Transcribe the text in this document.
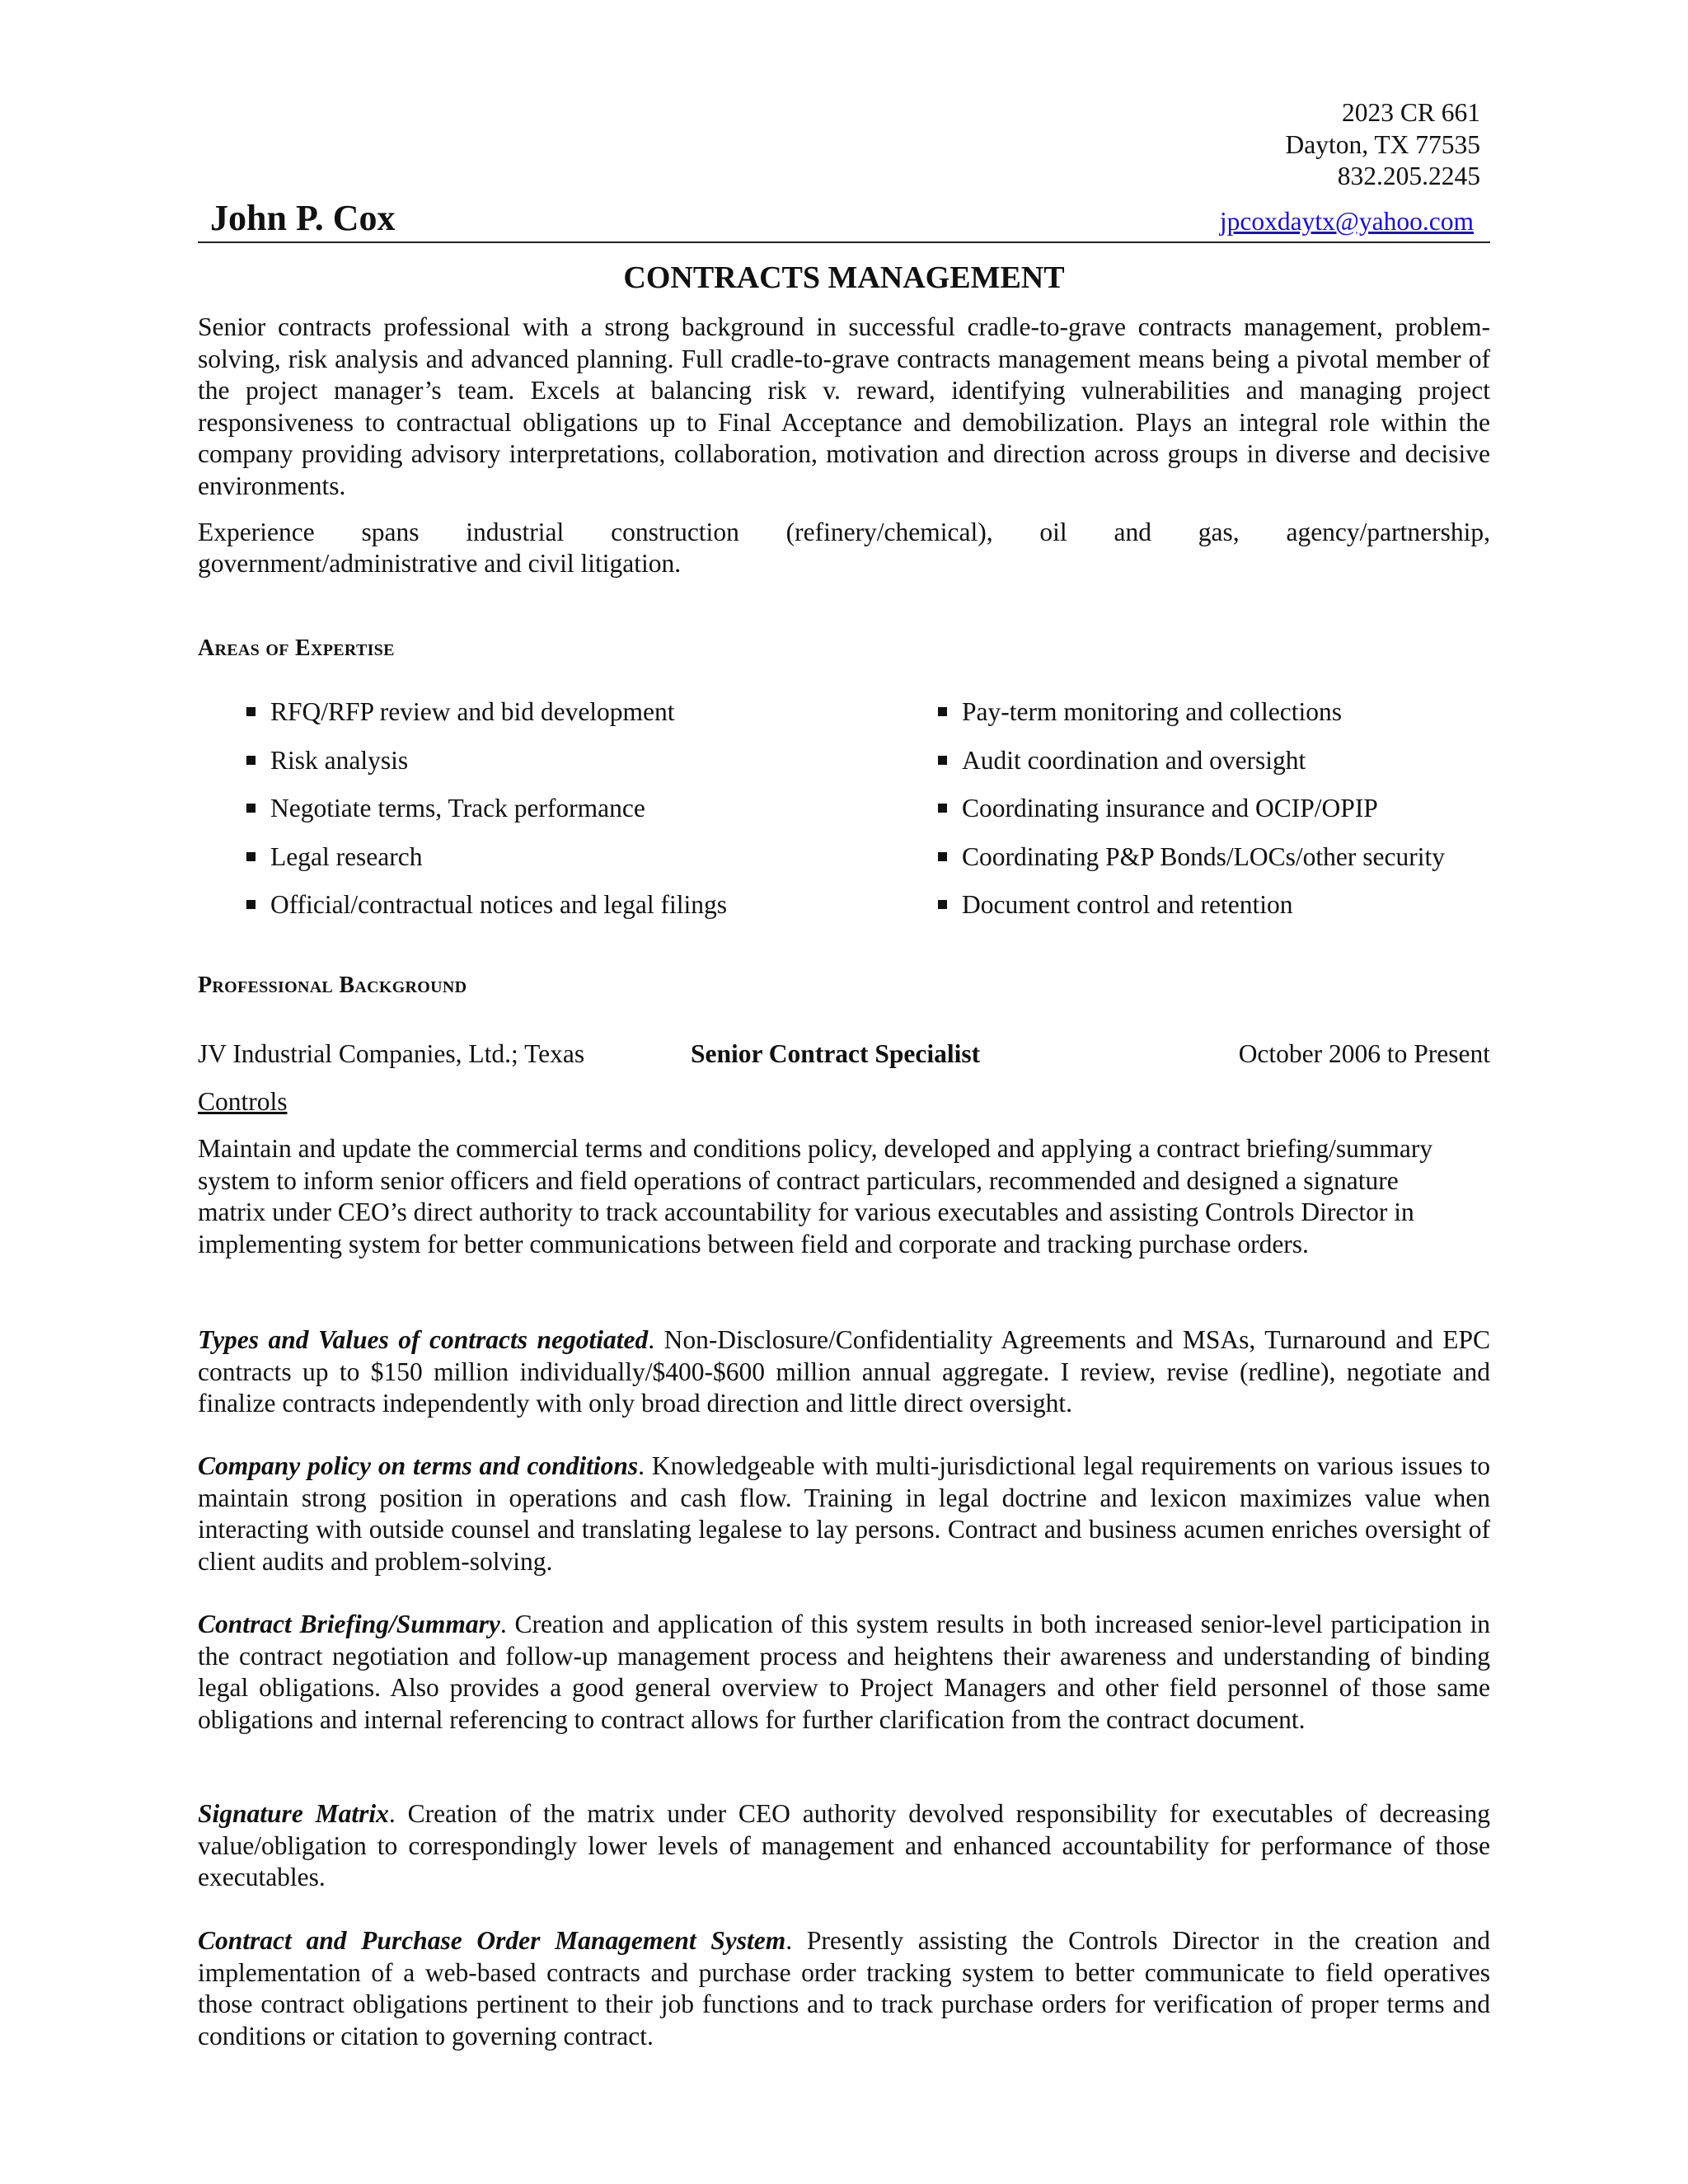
2023 CR 661
Dayton, TX 77535
832.205.2245
John P. Cox	jpcoxdaytx@yahoo.com
CONTRACTS MANAGEMENT

Senior contracts professional with a strong background in successful cradle-to-grave contracts management, problem-solving, risk analysis and advanced planning. Full cradle-to-grave contracts management means being a pivotal member of the project manager’s team. Excels at balancing risk v. reward, identifying vulnerabilities and managing project responsiveness to contractual obligations up to Final Acceptance and demobilization. Plays an integral role within the company providing advisory interpretations, collaboration, motivation and direction across groups in diverse and decisive environments.

Experience spans industrial construction (refinery/chemical), oil and gas, agency/partnership,

government/administrative and civil litigation.

Areas of Expertise
RFQ/RFP review and bid development
Risk analysis
Negotiate terms, Track performance
Legal research
Official/contractual notices and legal filings
Pay-term monitoring and collections
Audit coordination and oversight
Coordinating insurance and OCIP/OPIP
Coordinating P&P Bonds/LOCs/other security
Document control and retention
Professional Background
JV Industrial Companies, Ltd.; Texas	Senior Contract Specialist	October 2006 to Present
Controls

Maintain and update the commercial terms and conditions policy, developed and applying a contract briefing/summary system to inform senior officers and field operations of contract particulars, recommended and designed a signature matrix under CEO’s direct authority to track accountability for various executables and assisting Controls Director in implementing system for better communications between field and corporate and tracking purchase orders.

Types and Values of contracts negotiated. Non-Disclosure/Confidentiality Agreements and MSAs, Turnaround and EPC contracts up to $150 million individually/$400-$600 million annual aggregate. I review, revise (redline), negotiate and finalize contracts independently with only broad direction and little direct oversight.

Company policy on terms and conditions. Knowledgeable with multi-jurisdictional legal requirements on various issues to maintain strong position in operations and cash flow. Training in legal doctrine and lexicon maximizes value when interacting with outside counsel and translating legalese to lay persons. Contract and business acumen enriches oversight of client audits and problem-solving.

Contract Briefing/Summary. Creation and application of this system results in both increased senior-level participation in the contract negotiation and follow-up management process and heightens their awareness and understanding of binding legal obligations. Also provides a good general overview to Project Managers and other field personnel of those same obligations and internal referencing to contract allows for further clarification from the contract document.

Signature Matrix. Creation of the matrix under CEO authority devolved responsibility for executables of decreasing value/obligation to correspondingly lower levels of management and enhanced accountability for performance of those executables.

Contract and Purchase Order Management System. Presently assisting the Controls Director in the creation and implementation of a web-based contracts and purchase order tracking system to better communicate to field operatives those contract obligations pertinent to their job functions and to track purchase orders for verification of proper terms and conditions or citation to governing contract.
